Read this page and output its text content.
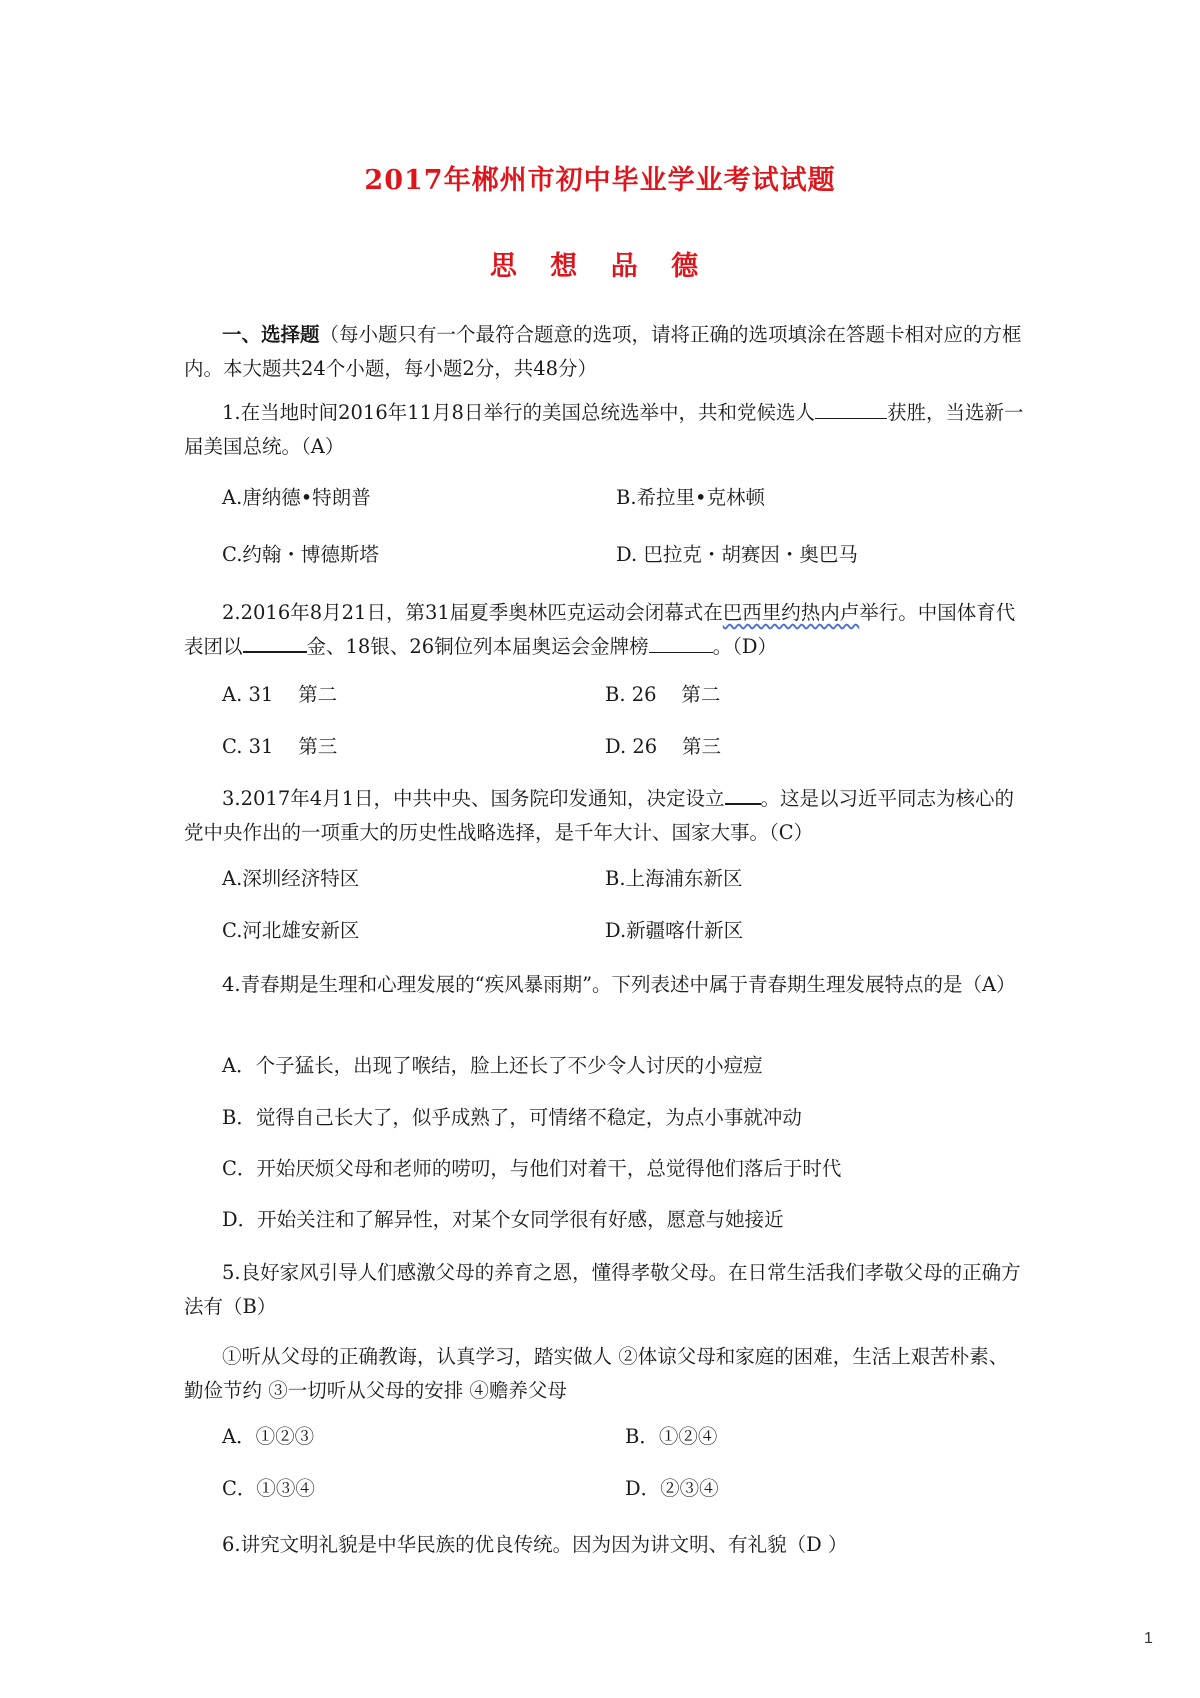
2017年郴州市初中毕业学业考试试题
思 想 品 德
一、选择题（每小题只有一个最符合题意的选项，请将正确的选项填涂在答题卡相对应的方框内。本大题共24个小题，每小题2分，共48分）
1.在当地时间2016年11月8日举行的美国总统选举中，共和党候选人	获胜，当选新一届美国总统。（A）
A.唐纳德•特朗普	B.希拉里•克林顿
C.约翰・博德斯塔	D. 巴拉克・胡赛因・奥巴马
2.2016年8月21日，第31届夏季奥林匹克运动会闭幕式在巴西里约热内卢举行。中国体育代表团以	金、18银、26铜位列本届奥运会金牌榜	。（D）
A. 31    第二	B. 26    第二
C. 31    第三	D. 26    第三
3.2017年4月1日，中共中央、国务院印发通知，决定设立 。这是以习近平同志为核心的党中央作出的一项重大的历史性战略选择，是千年大计、国家大事。（C）
A.深圳经济特区	B.上海浦东新区
C.河北雄安新区	D.新疆喀什新区
4.青春期是生理和心理发展的“疾风暴雨期”。下列表述中属于青春期生理发展特点的是（A）
A．个子猛长，出现了喉结，脸上还长了不少令人讨厌的小痘痘
B．觉得自己长大了，似乎成熟了，可情绪不稳定，为点小事就冲动
C．开始厌烦父母和老师的唠叨，与他们对着干，总觉得他们落后于时代
D．开始关注和了解异性，对某个女同学很有好感，愿意与她接近
5.良好家风引导人们感激父母的养育之恩，懂得孝敬父母。在日常生活我们孝敬父母的正确方法有（B）
①听从父母的正确教诲，认真学习，踏实做人 ②体谅父母和家庭的困难，生活上艰苦朴素、勤俭节约 ③一切听从父母的安排 ④赡养父母
A．①②③	B．①②④
C．①③④	D．②③④
6.讲究文明礼貌是中华民族的优良传统。因为因为讲文明、有礼貌（D ）
1
